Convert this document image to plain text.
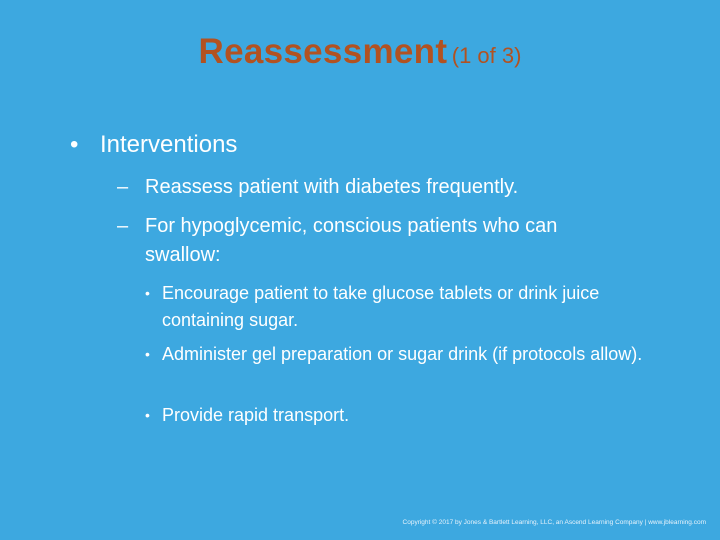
Reassessment (1 of 3)
• Interventions
– Reassess patient with diabetes frequently.
– For hypoglycemic, conscious patients who can swallow:
• Encourage patient to take glucose tablets or drink juice containing sugar.
• Administer gel preparation or sugar drink (if protocols allow).
• Provide rapid transport.
Copyright © 2017 by Jones & Bartlett Learning, LLC, an Ascend Learning Company | www.jblearning.com
